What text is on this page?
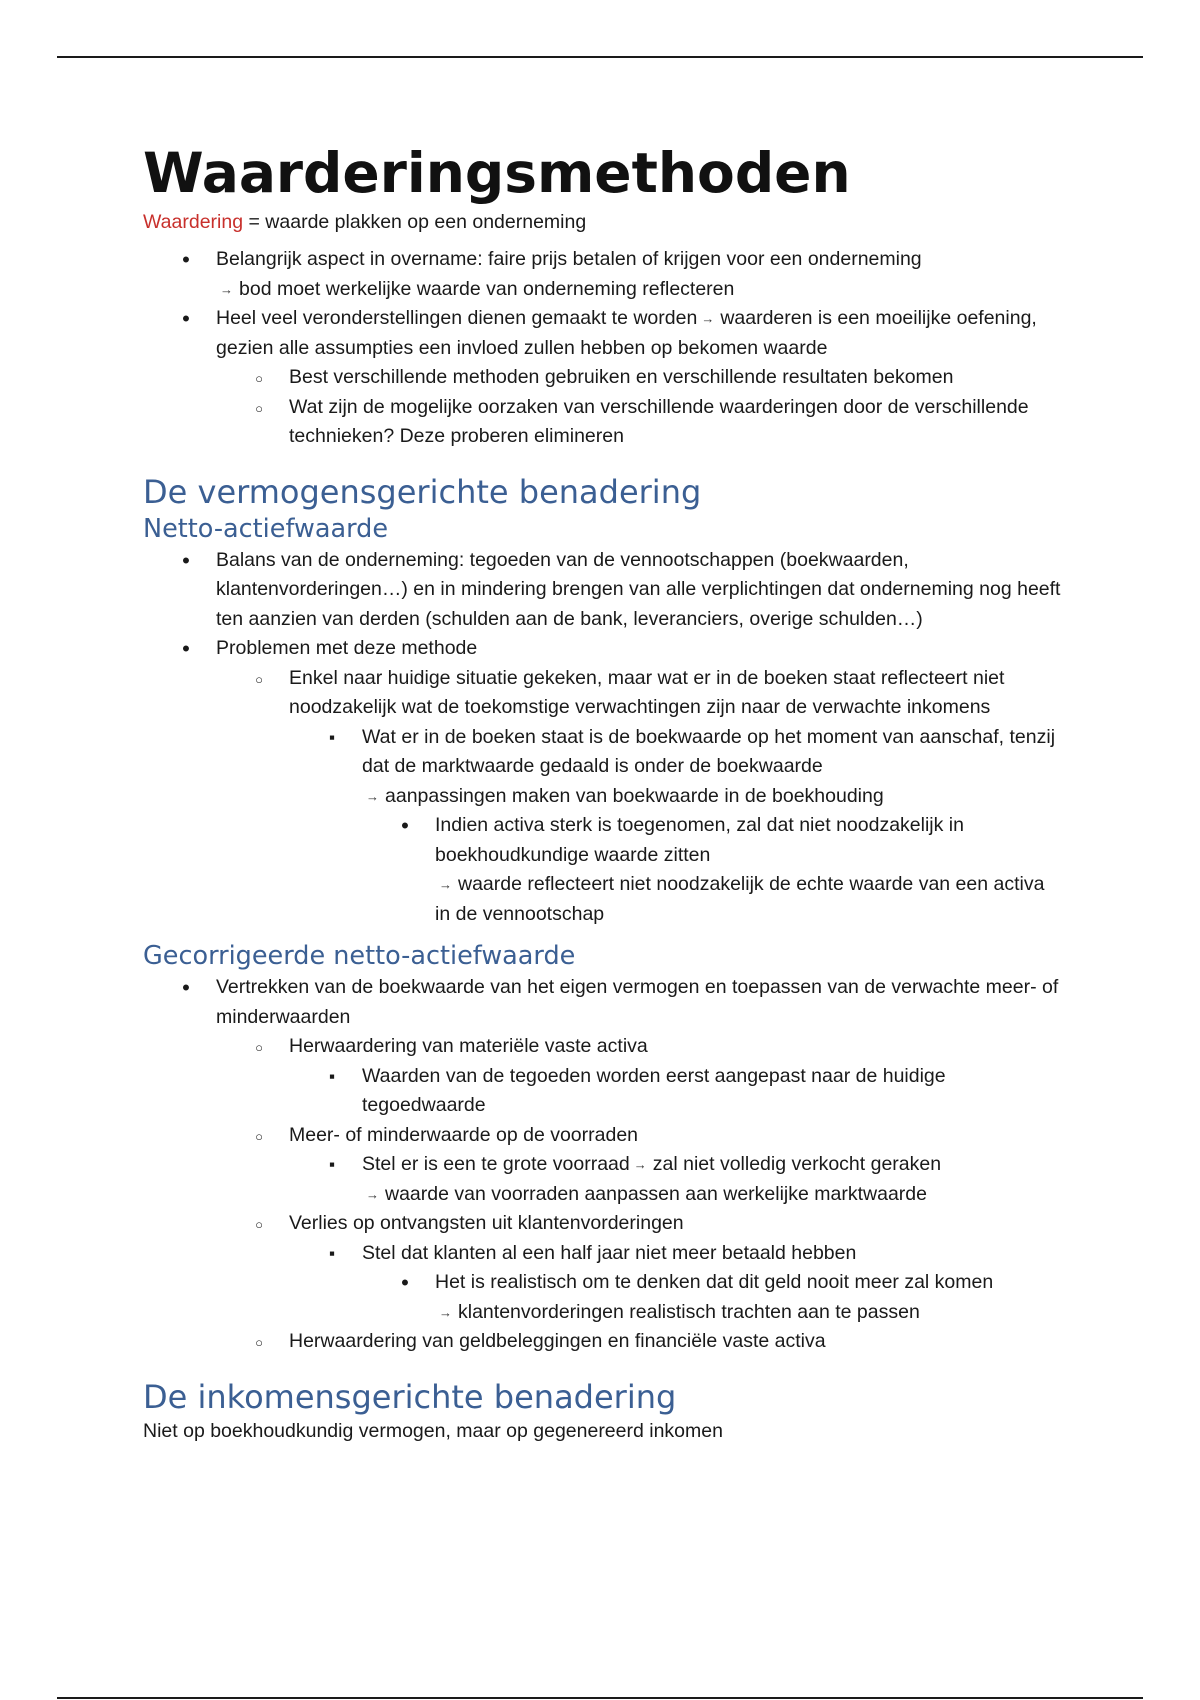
Waarderingsmethoden

Waardering = waarde plakken op een onderneming

•
Belangrijk aspect in overname: faire prijs betalen of krijgen voor een onderneming
→ bod moet werkelijke waarde van onderneming reflecteren
•
Heel veel veronderstellingen dienen gemaakt te worden → waarderen is een moeilijke oefening, gezien alle assumpties een invloed zullen hebben op bekomen waarde
○
Best verschillende methoden gebruiken en verschillende resultaten bekomen
○
Wat zijn de mogelijke oorzaken van verschillende waarderingen door de verschillende technieken? Deze proberen elimineren
De vermogensgerichte benadering
Netto-actiefwaarde
•
Balans van de onderneming: tegoeden van de vennootschappen (boekwaarden, klantenvorderingen…) en in mindering brengen van alle verplichtingen dat onderneming nog heeft ten aanzien van derden (schulden aan de bank, leveranciers, overige schulden…)
•
Problemen met deze methode
○
Enkel naar huidige situatie gekeken, maar wat er in de boeken staat reflecteert niet noodzakelijk wat de toekomstige verwachtingen zijn naar de verwachte inkomens
▪
Wat er in de boeken staat is de boekwaarde op het moment van aanschaf, tenzij dat de marktwaarde gedaald is onder de boekwaarde
→ aanpassingen maken van boekwaarde in de boekhouding
•
Indien activa sterk is toegenomen, zal dat niet noodzakelijk in boekhoudkundige waarde zitten
→ waarde reflecteert niet noodzakelijk de echte waarde van een activa in de vennootschap
Gecorrigeerde netto-actiefwaarde
•
Vertrekken van de boekwaarde van het eigen vermogen en toepassen van de verwachte meer- of minderwaarden
○
Herwaardering van materiële vaste activa
▪
Waarden van de tegoeden worden eerst aangepast naar de huidige tegoedwaarde
○
Meer- of minderwaarde op de voorraden
▪
Stel er is een te grote voorraad → zal niet volledig verkocht geraken
→ waarde van voorraden aanpassen aan werkelijke marktwaarde
○
Verlies op ontvangsten uit klantenvorderingen
▪
Stel dat klanten al een half jaar niet meer betaald hebben
•
Het is realistisch om te denken dat dit geld nooit meer zal komen
→ klantenvorderingen realistisch trachten aan te passen
○
Herwaardering van geldbeleggingen en financiële vaste activa
De inkomensgerichte benadering

Niet op boekhoudkundig vermogen, maar op gegenereerd inkomen
